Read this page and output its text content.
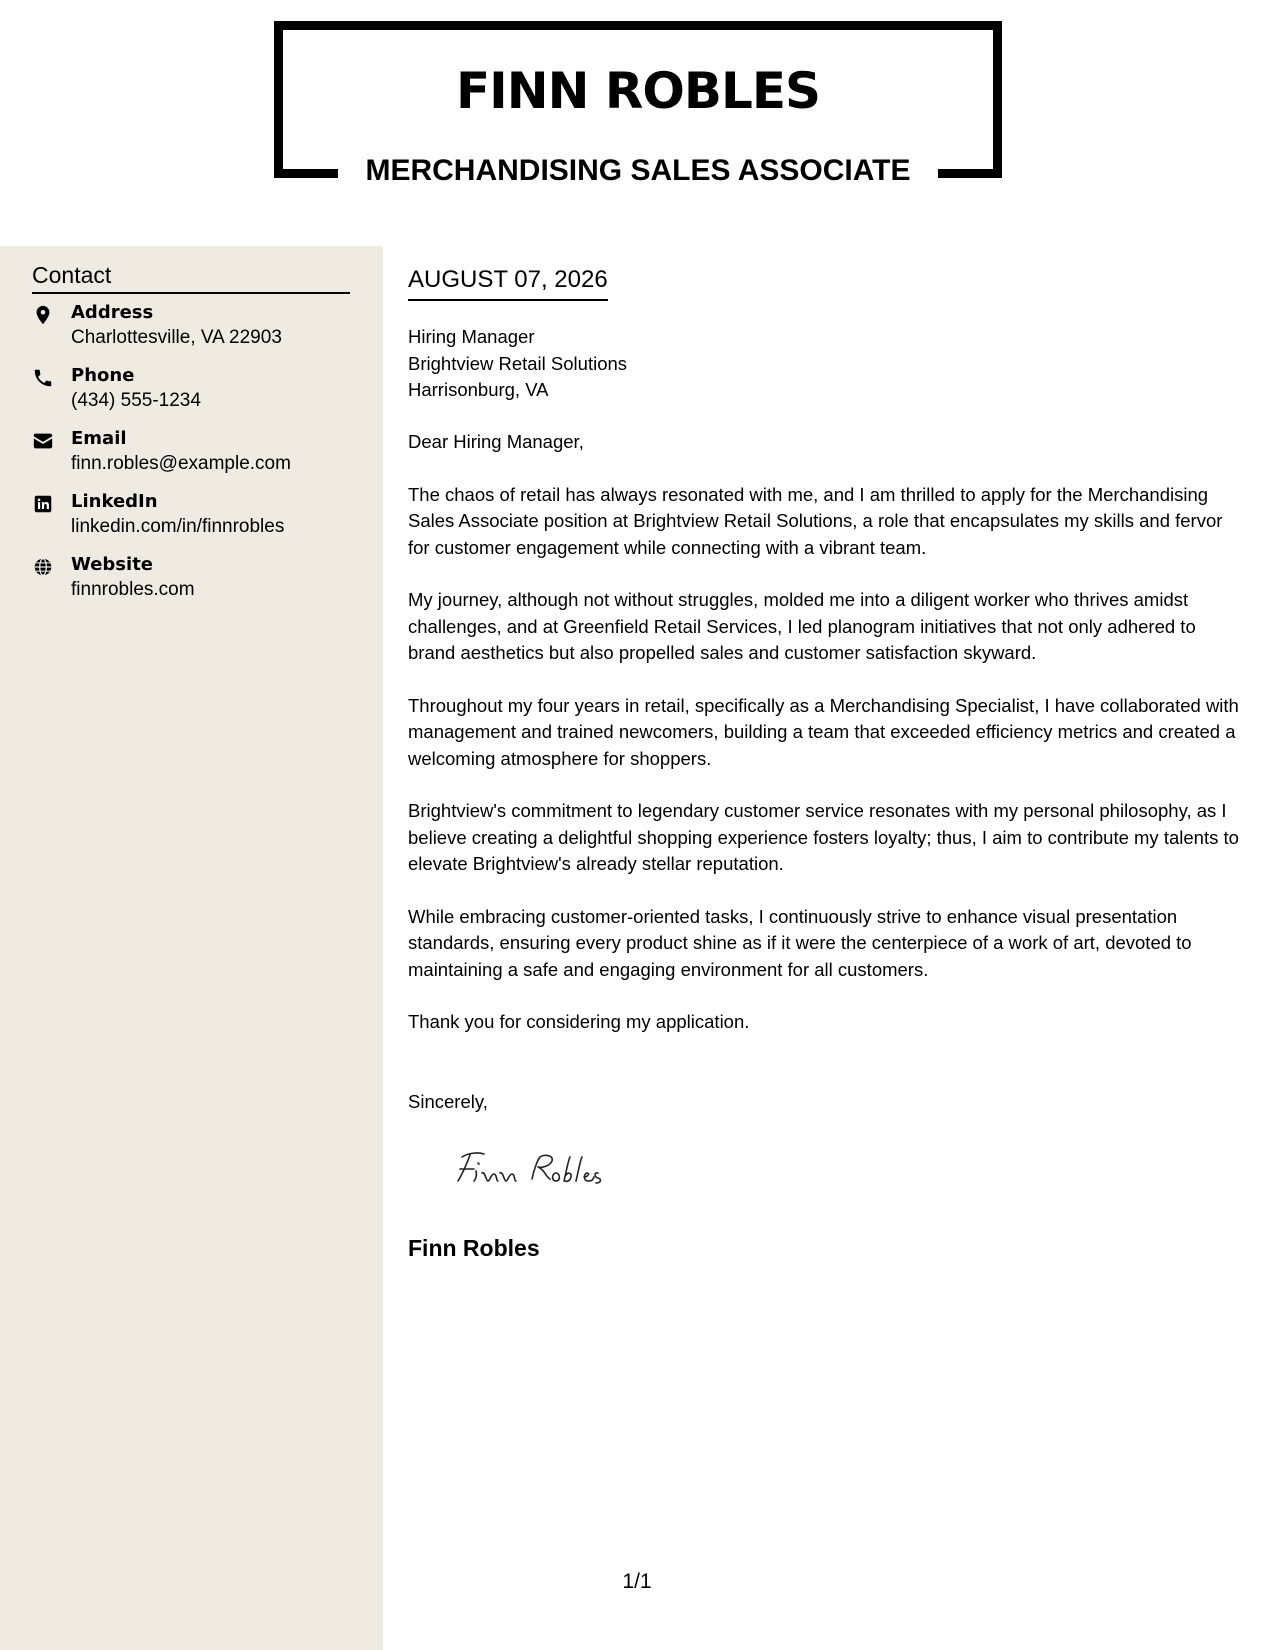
FINN ROBLES
MERCHANDISING SALES ASSOCIATE
Contact
Address
Charlottesville, VA 22903
Phone
(434) 555-1234
Email
finn.robles@example.com
LinkedIn
linkedin.com/in/finnrobles
Website
finnrobles.com
AUGUST 07, 2026
Hiring Manager
Brightview Retail Solutions
Harrisonburg, VA

Dear Hiring Manager,

The chaos of retail has always resonated with me, and I am thrilled to apply for the Merchandising Sales Associate position at Brightview Retail Solutions, a role that encapsulates my skills and fervor for customer engagement while connecting with a vibrant team.

My journey, although not without struggles, molded me into a diligent worker who thrives amidst challenges, and at Greenfield Retail Services, I led planogram initiatives that not only adhered to brand aesthetics but also propelled sales and customer satisfaction skyward.

Throughout my four years in retail, specifically as a Merchandising Specialist, I have collaborated with management and trained newcomers, building a team that exceeded efficiency metrics and created a welcoming atmosphere for shoppers.

Brightview's commitment to legendary customer service resonates with my personal philosophy, as I believe creating a delightful shopping experience fosters loyalty; thus, I aim to contribute my talents to elevate Brightview's already stellar reputation.

While embracing customer-oriented tasks, I continuously strive to enhance visual presentation standards, ensuring every product shine as if it were the centerpiece of a work of art, devoted to maintaining a safe and engaging environment for all customers.

Thank you for considering my application.

Sincerely,
Finn Robles
1/1
